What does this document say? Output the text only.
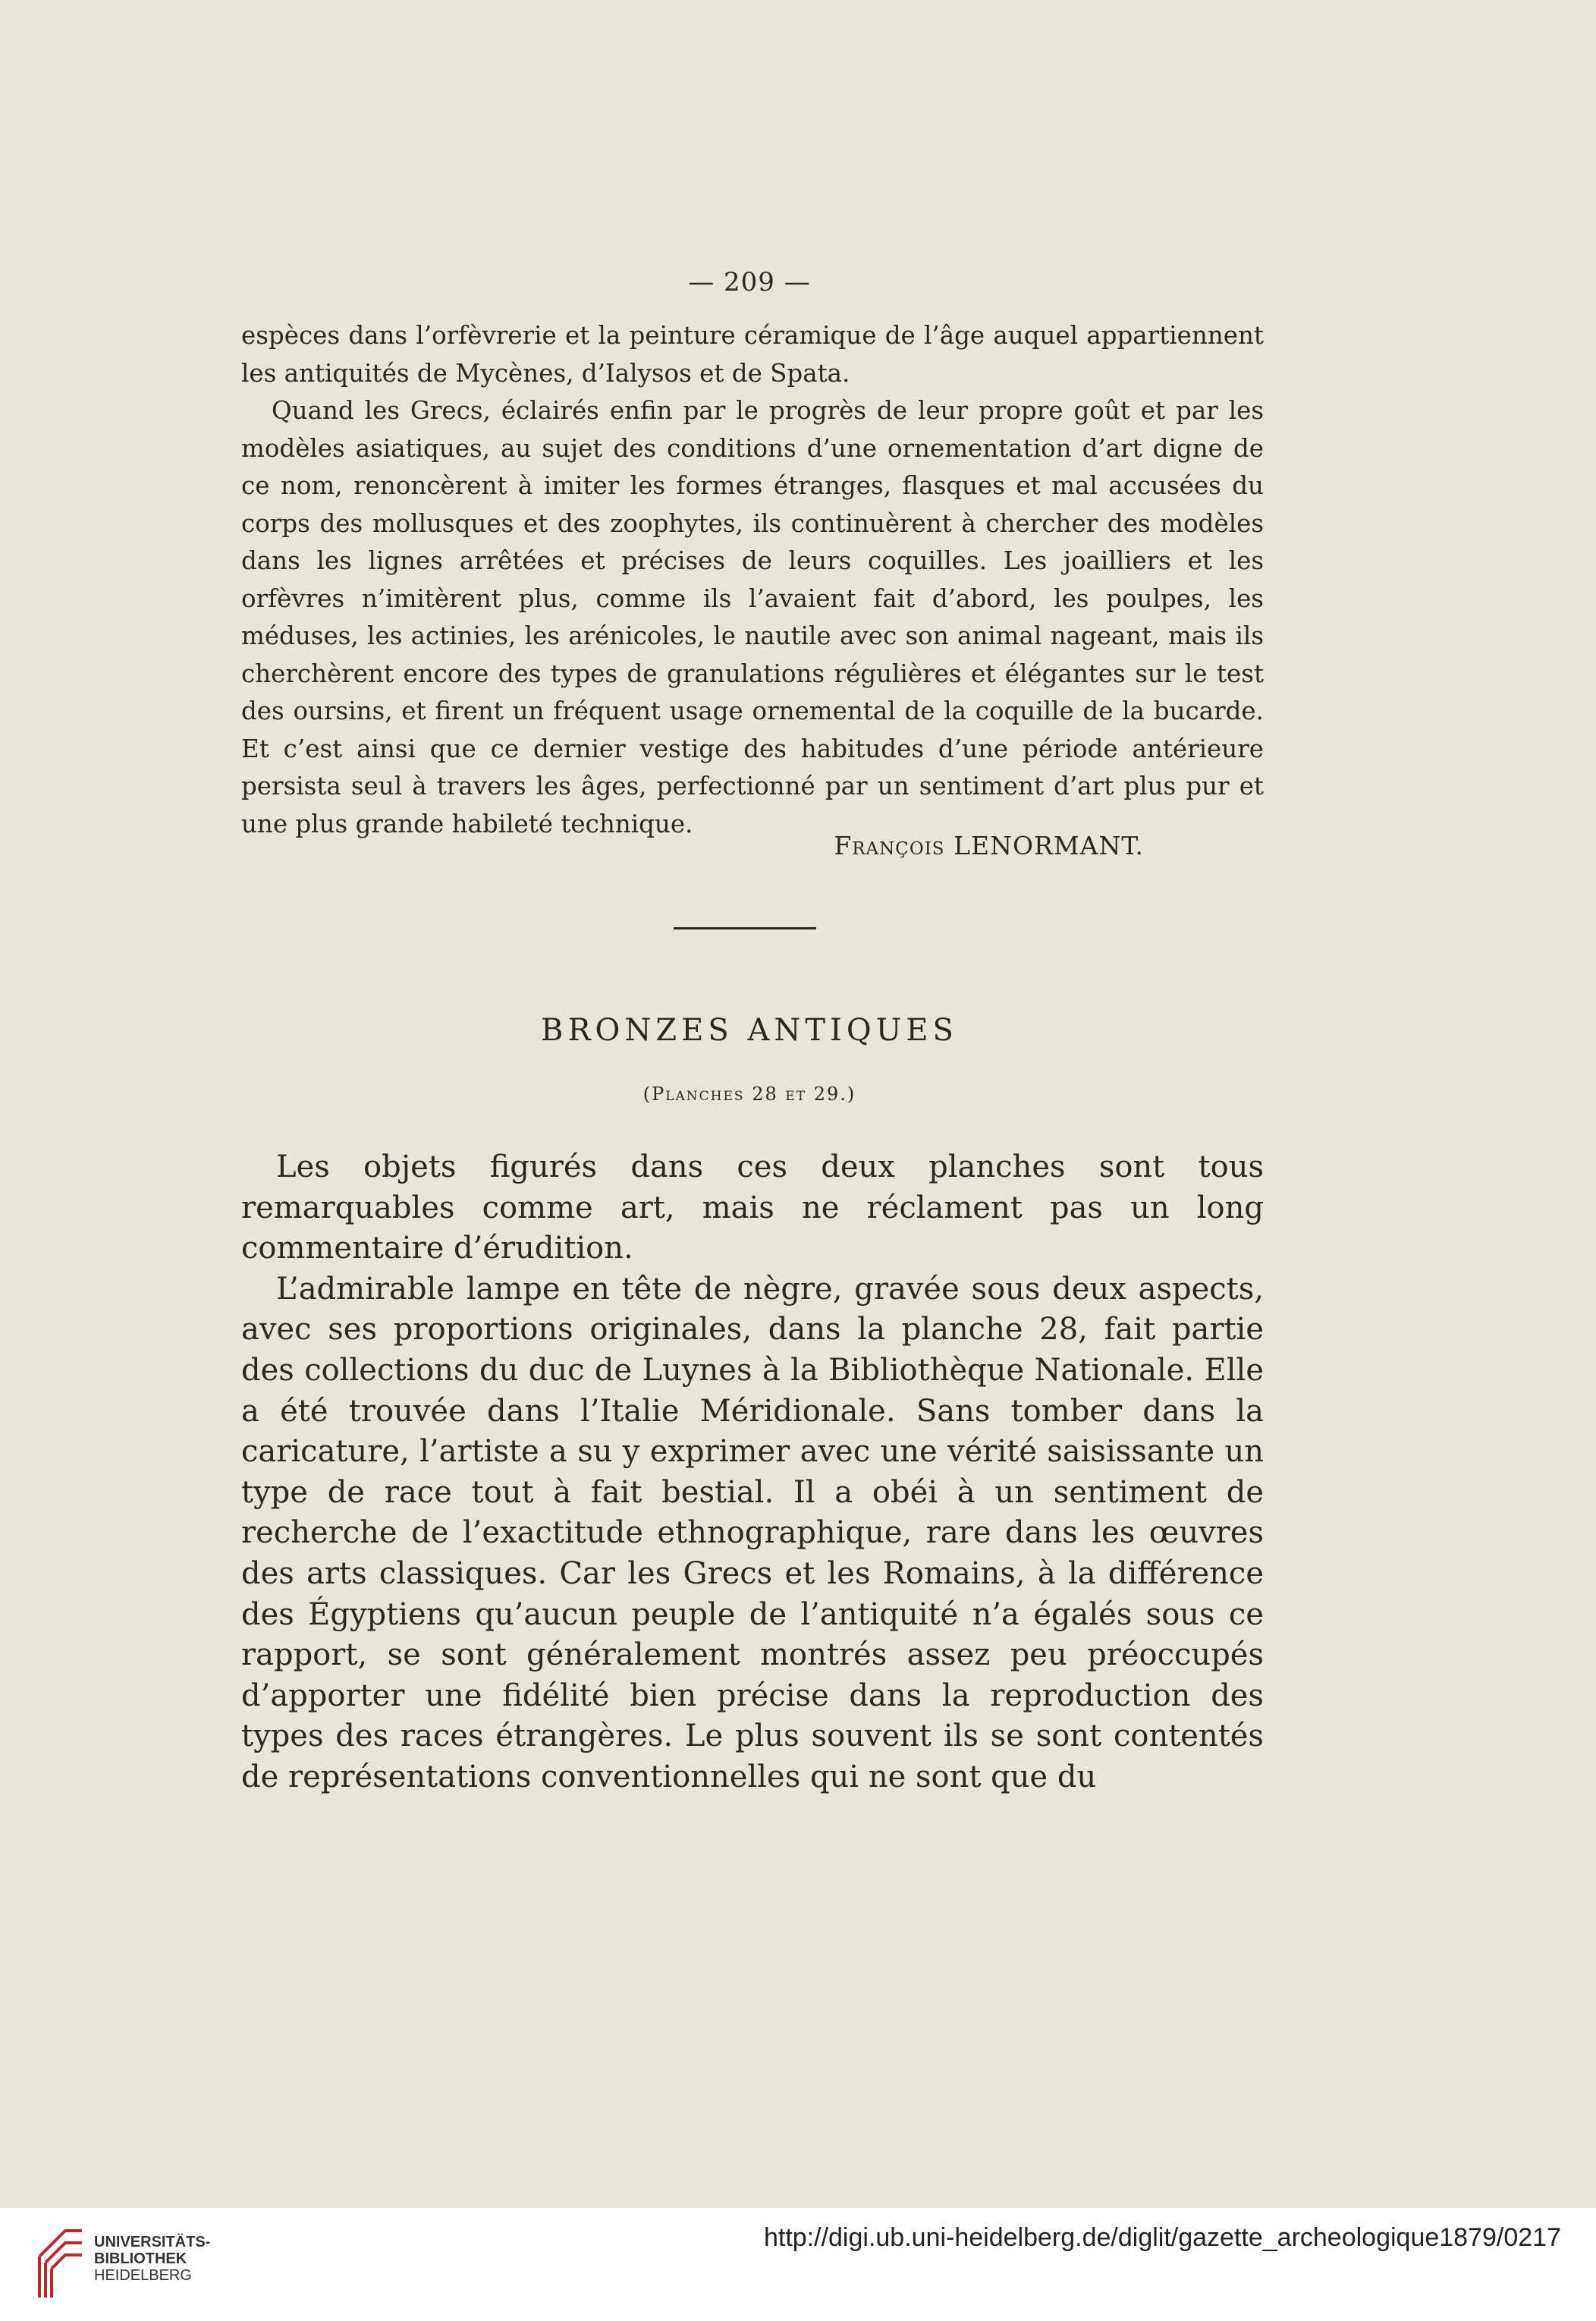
— 209 —

espèces dans l’orfèvrerie et la peinture céramique de l’âge auquel appartiennent les antiquités de Mycènes, d’Ialysos et de Spata.

Quand les Grecs, éclairés enfin par le progrès de leur propre goût et par les modèles asiatiques, au sujet des conditions d’une ornementation d’art digne de ce nom, renoncèrent à imiter les formes étranges, flasques et mal accusées du corps des mollusques et des zoophytes, ils continuèrent à chercher des modèles dans les lignes arrêtées et précises de leurs coquilles. Les joailliers et les orfèvres n’imitèrent plus, comme ils l’avaient fait d’abord, les poulpes, les méduses, les actinies, les arénicoles, le nautile avec son animal nageant, mais ils cherchèrent encore des types de granulations régulières et élégantes sur le test des oursins, et firent un fréquent usage ornemental de la coquille de la bucarde. Et c’est ainsi que ce dernier vestige des habitudes d’une période antérieure persista seul à travers les âges, perfectionné par un sentiment d’art plus pur et une plus grande habileté technique.

François LENORMANT.
BRONZES ANTIQUES
(Planches 28 et 29.)

Les objets figurés dans ces deux planches sont tous remarquables comme art, mais ne réclament pas un long commentaire d’érudition.

L’admirable lampe en tête de nègre, gravée sous deux aspects, avec ses proportions originales, dans la planche 28, fait partie des collections du duc de Luynes à la Bibliothèque Nationale. Elle a été trouvée dans l’Italie Méridionale. Sans tomber dans la caricature, l’artiste a su y exprimer avec une vérité saisissante un type de race tout à fait bestial. Il a obéi à un sentiment de recherche de l’exactitude ethnographique, rare dans les œuvres des arts classiques. Car les Grecs et les Romains, à la différence des Égyptiens qu’aucun peuple de l’antiquité n’a égalés sous ce rapport, se sont généralement montrés assez peu préoccupés d’apporter une fidélité bien précise dans la reproduction des types des races étrangères. Le plus souvent ils se sont contentés de représentations conventionnelles qui ne sont que du

UNIVERSITÄTS-
BIBLIOTHEK
HEIDELBERG
http://digi.ub.uni-heidelberg.de/diglit/gazette_archeologique1879/0217
